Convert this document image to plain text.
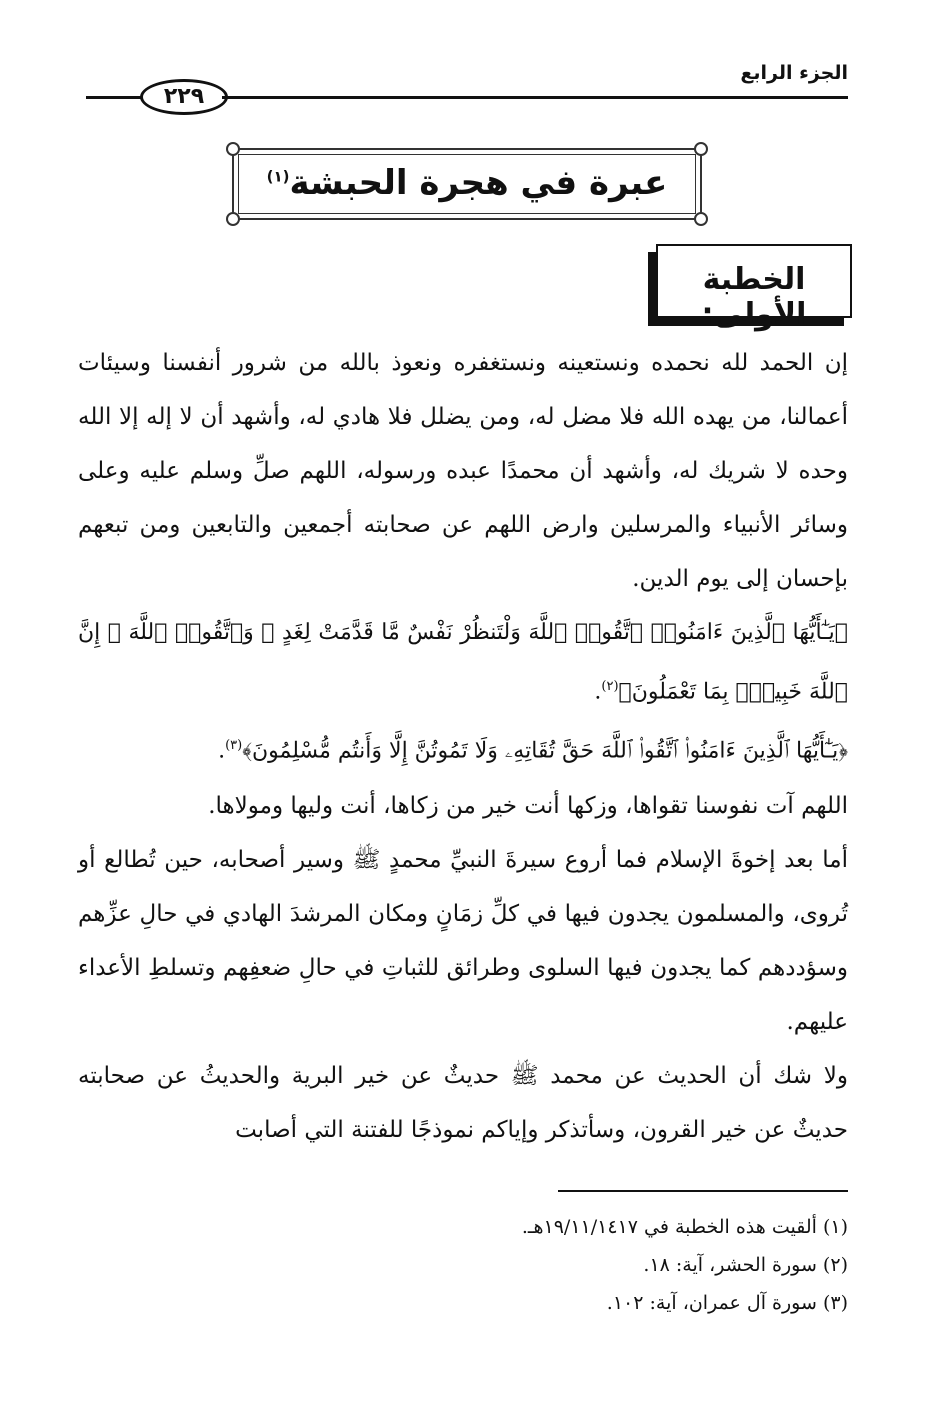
الجزء الرابع
٢٢٩
عبرة في هجرة الحبشة$^{(١)}$
الخطبة الأولى:

إن الحمد لله نحمده ونستعينه ونستغفره ونعوذ بالله من شرور أنفسنا وسيئات أعمالنا، من يهده الله فلا مضل له، ومن يضلل فلا هادي له، وأشهد أن لا إله إلا الله وحده لا شريك له، وأشهد أن محمدًا عبده ورسوله، اللهم صلِّ وسلم عليه وعلى وسائر الأنبياء والمرسلين وارض اللهم عن صحابته أجمعين والتابعين ومن تبعهم بإحسان إلى يوم الدين.

﴿يَـٰٓأَيُّهَا ٱلَّذِينَ ءَامَنُوا۟ ٱتَّقُوا۟ ٱللَّهَ وَلْتَنظُرْ نَفْسٌ مَّا قَدَّمَتْ لِغَدٍ ۖ وَٱتَّقُوا۟ ٱللَّهَ ۚ إِنَّ ٱللَّهَ خَبِيرٌۢ بِمَا تَعْمَلُونَ﴾$^{(٢)}$.

﴿يَـٰٓأَيُّهَا ٱلَّذِينَ ءَامَنُوا۟ ٱتَّقُوا۟ ٱللَّهَ حَقَّ تُقَاتِهِۦ وَلَا تَمُوتُنَّ إِلَّا وَأَنتُم مُّسْلِمُونَ﴾$^{(٣)}$.

اللهم آت نفوسنا تقواها، وزكها أنت خير من زكاها، أنت وليها ومولاها.

أما بعد إخوةَ الإسلام فما أروع سيرةَ النبيِّ محمدٍ ﷺ وسير أصحابه، حين تُطالع أو تُروى، والمسلمون يجدون فيها في كلِّ زمَانٍ ومكان المرشدَ الهادي في حالِ عزِّهم وسؤددهم كما يجدون فيها السلوى وطرائق للثباتِ في حالِ ضعفِهم وتسلطِ الأعداء عليهم.

ولا شك أن الحديث عن محمد ﷺ حديثٌ عن خير البرية والحديثُ عن صحابته حديثٌ عن خير القرون، وسأتذكر وإياكم نموذجًا للفتنة التي أصابت

(١) ألقيت هذه الخطبة في ١٩/١١/١٤١٧هـ.

(٢) سورة الحشر، آية: ١٨.

(٣) سورة آل عمران، آية: ١٠٢.
